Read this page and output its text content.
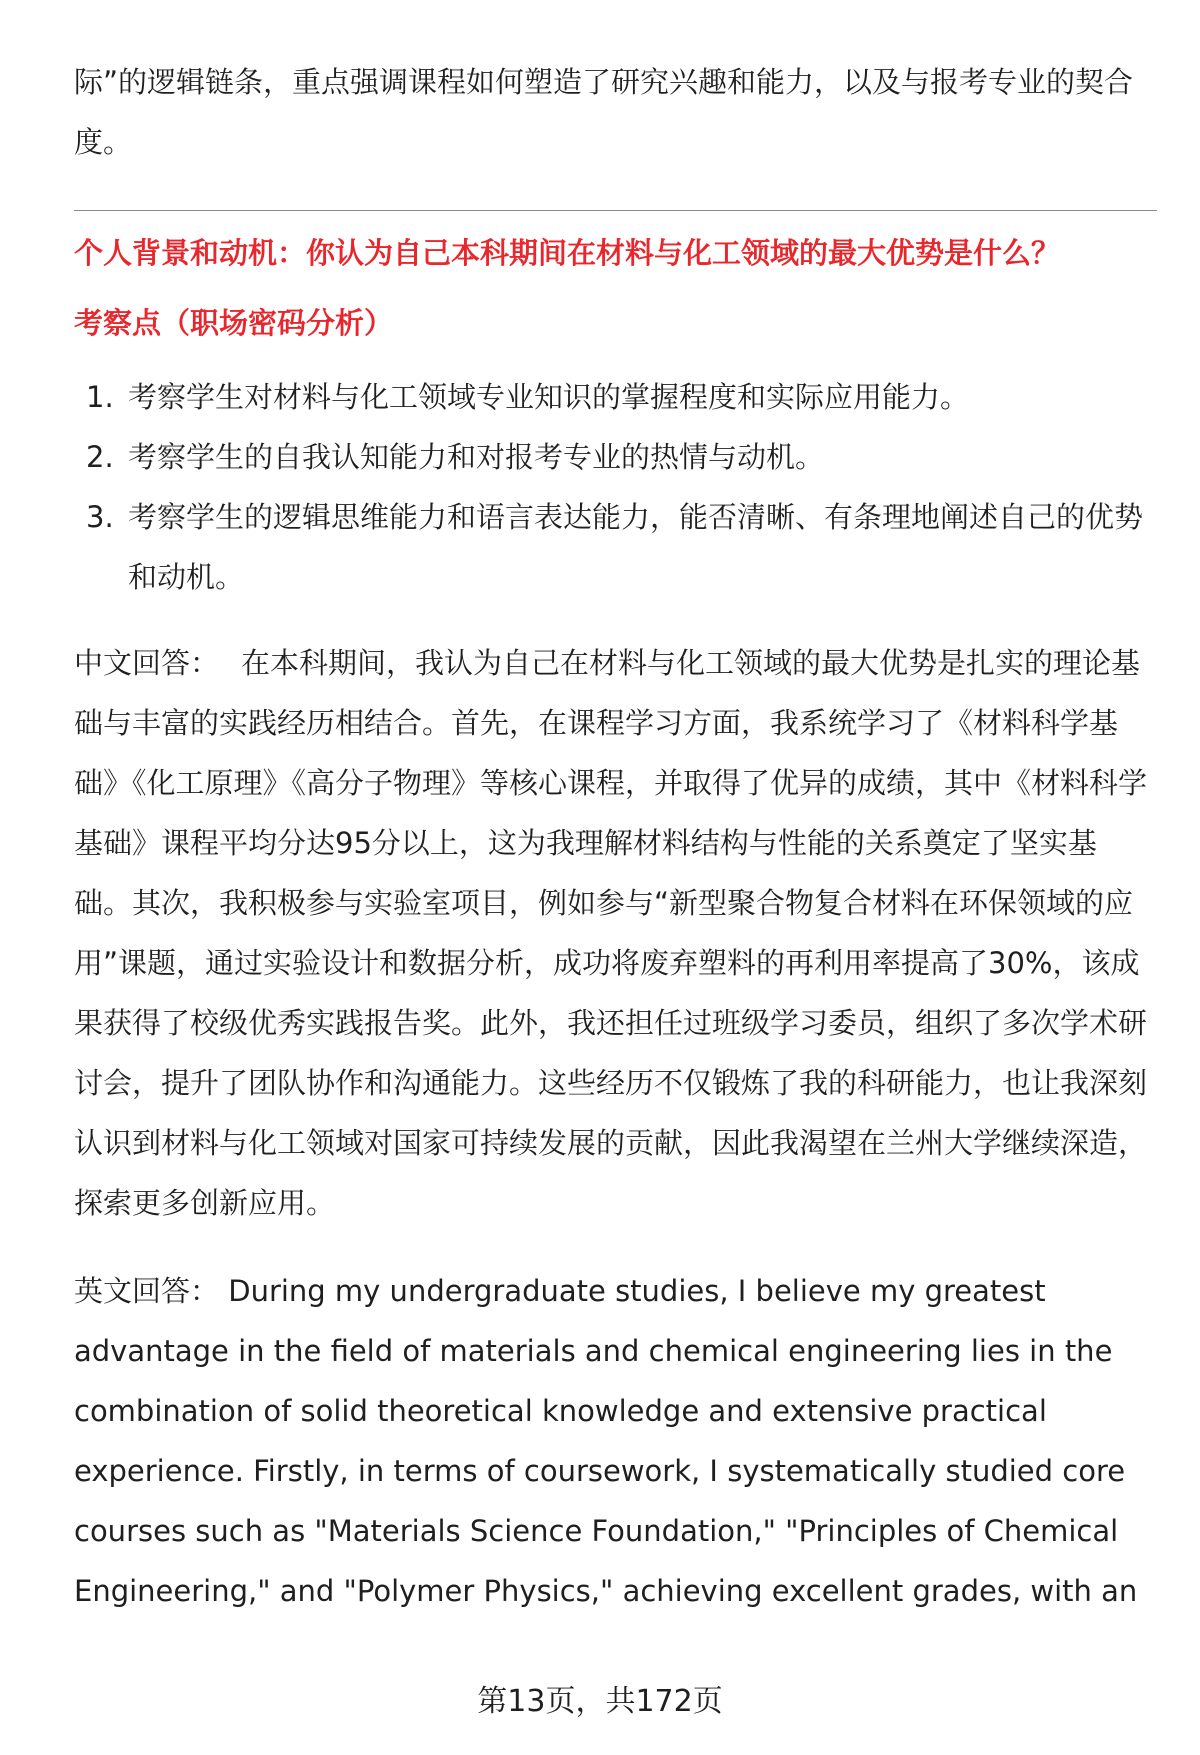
际”的逻辑链条，重点强调课程如何塑造了研究兴趣和能力，以及与报考专业的契合度。

个人背景和动机：你认为自己本科期间在材料与化工领域的最大优势是什么？

考察点（职场密码分析）

1. 考察学生对材料与化工领域专业知识的掌握程度和实际应用能力。
2. 考察学生的自我认知能力和对报考专业的热情与动机。
3. 考察学生的逻辑思维能力和语言表达能力，能否清晰、有条理地阐述自己的优势和动机。

中文回答： 在本科期间，我认为自己在材料与化工领域的最大优势是扎实的理论基础与丰富的实践经历相结合。首先，在课程学习方面，我系统学习了《材料科学基础》《化工原理》《高分子物理》等核心课程，并取得了优异的成绩，其中《材料科学基础》课程平均分达95分以上，这为我理解材料结构与性能的关系奠定了坚实基础。其次，我积极参与实验室项目，例如参与“新型聚合物复合材料在环保领域的应用”课题，通过实验设计和数据分析，成功将废弃塑料的再利用率提高了30%，该成果获得了校级优秀实践报告奖。此外，我还担任过班级学习委员，组织了多次学术研讨会，提升了团队协作和沟通能力。这些经历不仅锻炼了我的科研能力，也让我深刻认识到材料与化工领域对国家可持续发展的贡献，因此我渴望在兰州大学继续深造，探索更多创新应用。

英文回答： During my undergraduate studies, I believe my greatest advantage in the field of materials and chemical engineering lies in the combination of solid theoretical knowledge and extensive practical experience. Firstly, in terms of coursework, I systematically studied core courses such as "Materials Science Foundation," "Principles of Chemical Engineering," and "Polymer Physics," achieving excellent grades, with an

第13页，共172页
